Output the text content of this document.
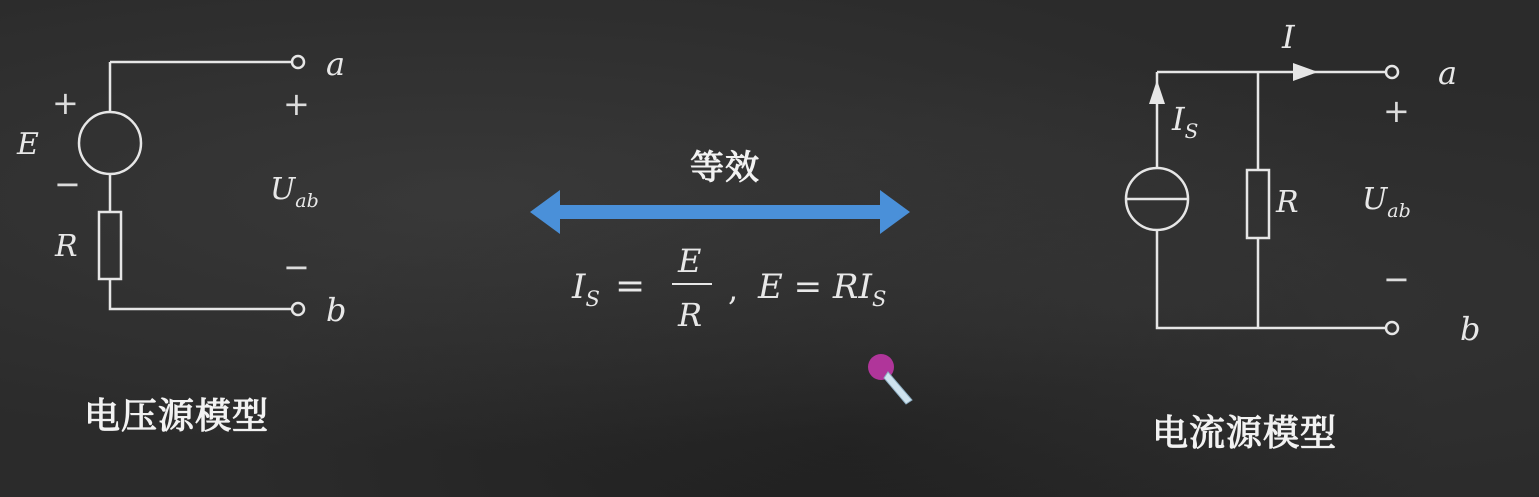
+
−
E
R
a
b
+
−
$U_{ab}$
$I_S$ =
E
R
, $E = RI_S$
I
$I_S$
R
a
b
+
−
$U_{ab}$
等效
电压源模型	电流源模型
